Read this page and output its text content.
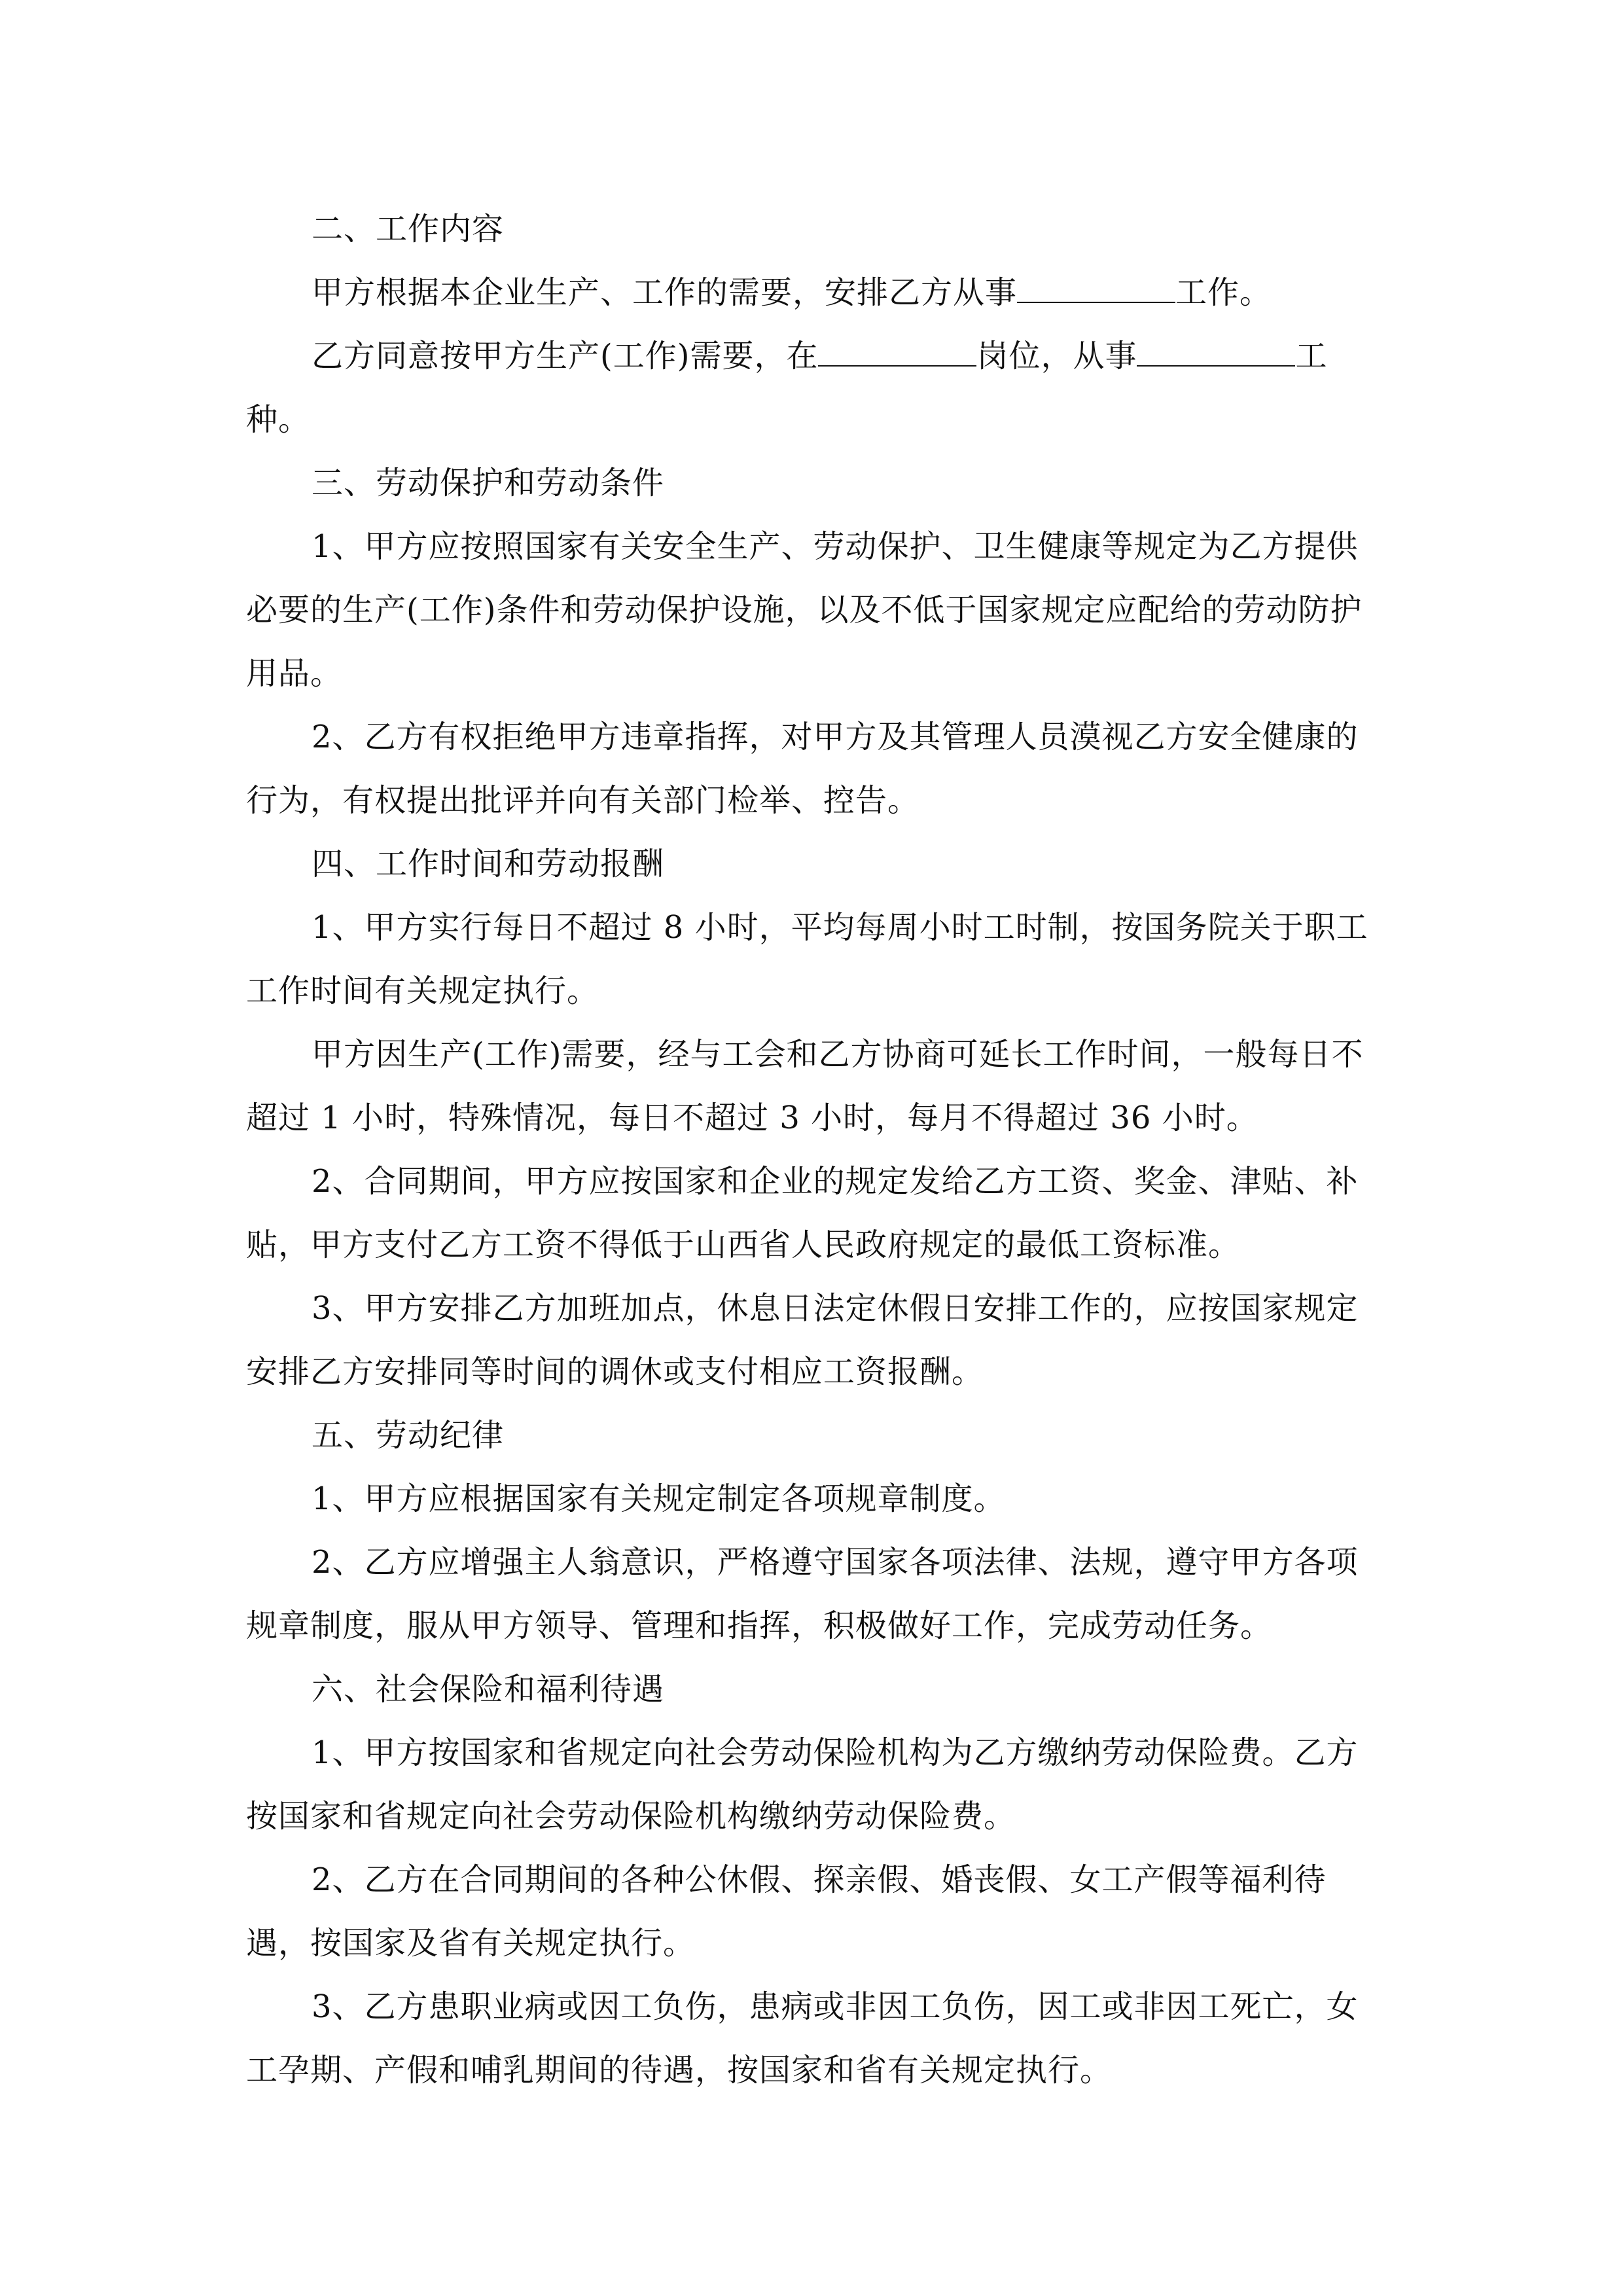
二、工作内容

甲方根据本企业生产、工作的需要，安排乙方从事	工作。

乙方同意按甲方生产(工作)需要，在	岗位，从事	工种。

三、劳动保护和劳动条件

1、甲方应按照国家有关安全生产、劳动保护、卫生健康等规定为乙方提供必要的生产(工作)条件和劳动保护设施，以及不低于国家规定应配给的劳动防护用品。

2、乙方有权拒绝甲方违章指挥，对甲方及其管理人员漠视乙方安全健康的行为，有权提出批评并向有关部门检举、控告。

四、工作时间和劳动报酬

1、甲方实行每日不超过 8 小时，平均每周小时工时制，按国务院关于职工工作时间有关规定执行。

甲方因生产(工作)需要，经与工会和乙方协商可延长工作时间，一般每日不超过 1 小时，特殊情况，每日不超过 3 小时，每月不得超过 36 小时。

2、合同期间，甲方应按国家和企业的规定发给乙方工资、奖金、津贴、补贴，甲方支付乙方工资不得低于山西省人民政府规定的最低工资标准。

3、甲方安排乙方加班加点，休息日法定休假日安排工作的，应按国家规定安排乙方安排同等时间的调休或支付相应工资报酬。

五、劳动纪律

1、甲方应根据国家有关规定制定各项规章制度。

2、乙方应增强主人翁意识，严格遵守国家各项法律、法规，遵守甲方各项规章制度，服从甲方领导、管理和指挥，积极做好工作，完成劳动任务。

六、社会保险和福利待遇

1、甲方按国家和省规定向社会劳动保险机构为乙方缴纳劳动保险费。乙方按国家和省规定向社会劳动保险机构缴纳劳动保险费。

2、乙方在合同期间的各种公休假、探亲假、婚丧假、女工产假等福利待遇，按国家及省有关规定执行。

3、乙方患职业病或因工负伤，患病或非因工负伤，因工或非因工死亡，女工孕期、产假和哺乳期间的待遇，按国家和省有关规定执行。
